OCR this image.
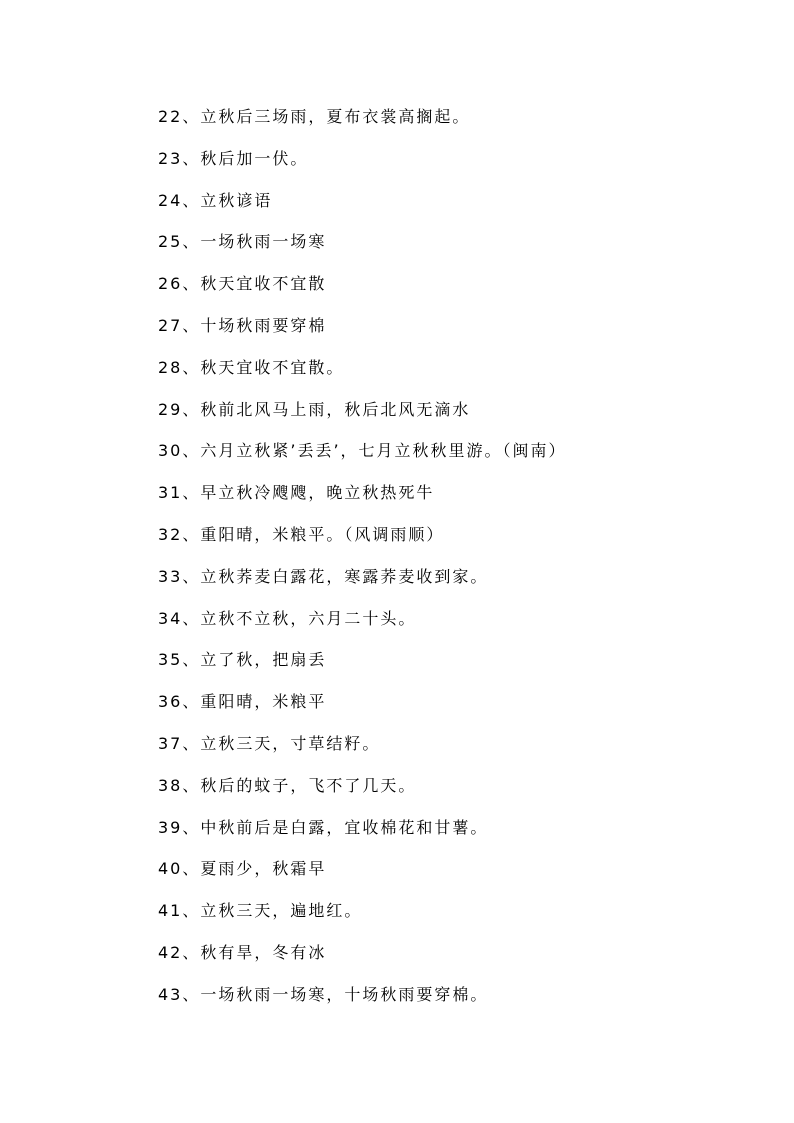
22、立秋后三场雨，夏布衣裳高搁起。
23、秋后加一伏。
24、立秋谚语
25、一场秋雨一场寒
26、秋天宜收不宜散
27、十场秋雨要穿棉
28、秋天宜收不宜散。
29、秋前北风马上雨，秋后北风无滴水
30、六月立秋紧’丢丢’，七月立秋秋里游。（闽南）
31、早立秋冷飕飕，晚立秋热死牛
32、重阳晴，米粮平。（风调雨顺）
33、立秋荞麦白露花，寒露荞麦收到家。
34、立秋不立秋，六月二十头。
35、立了秋，把扇丢
36、重阳晴，米粮平
37、立秋三天，寸草结籽。
38、秋后的蚊子，飞不了几天。
39、中秋前后是白露，宜收棉花和甘薯。
40、夏雨少，秋霜早
41、立秋三天，遍地红。
42、秋有旱，冬有冰
43、一场秋雨一场寒，十场秋雨要穿棉。
